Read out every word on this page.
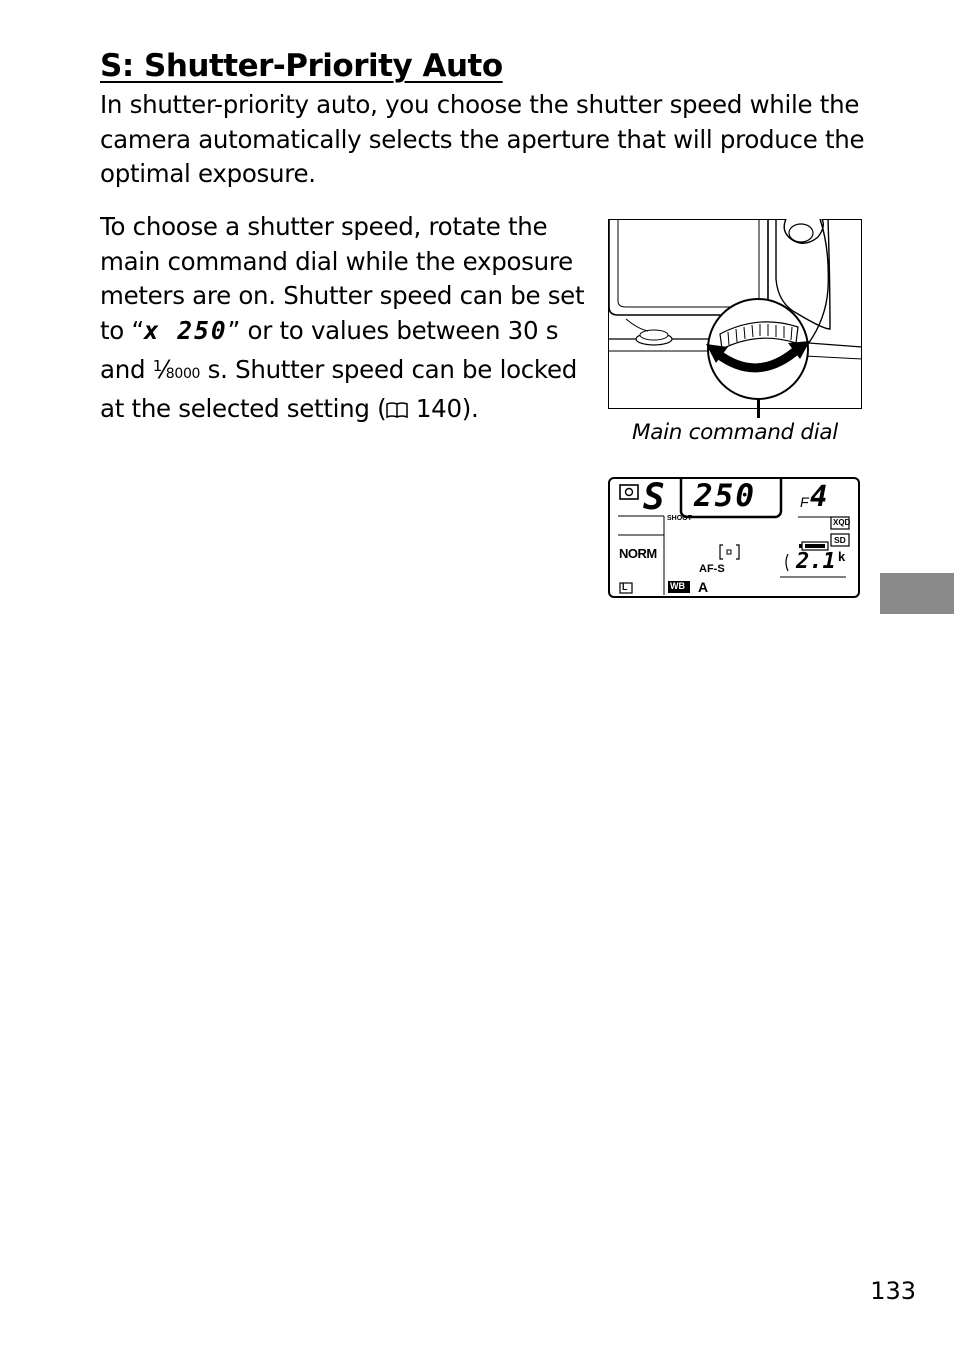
S: Shutter-Priority Auto

In shutter-priority auto, you choose the shutter speed while the camera automatically selects the aperture that will produce the optimal exposure.

To choose a shutter speed, rotate the main command dial while the exposure meters are on. Shutter speed can be set to “x 250” or to values between 30 s and $^1$⁄8000 s. Shutter speed can be locked at the selected setting ( 140).

Main command dial

S 250	F 4
SHOOT	XQD
SD
NORM
AF-S
WB A
L
2.1 k

133
